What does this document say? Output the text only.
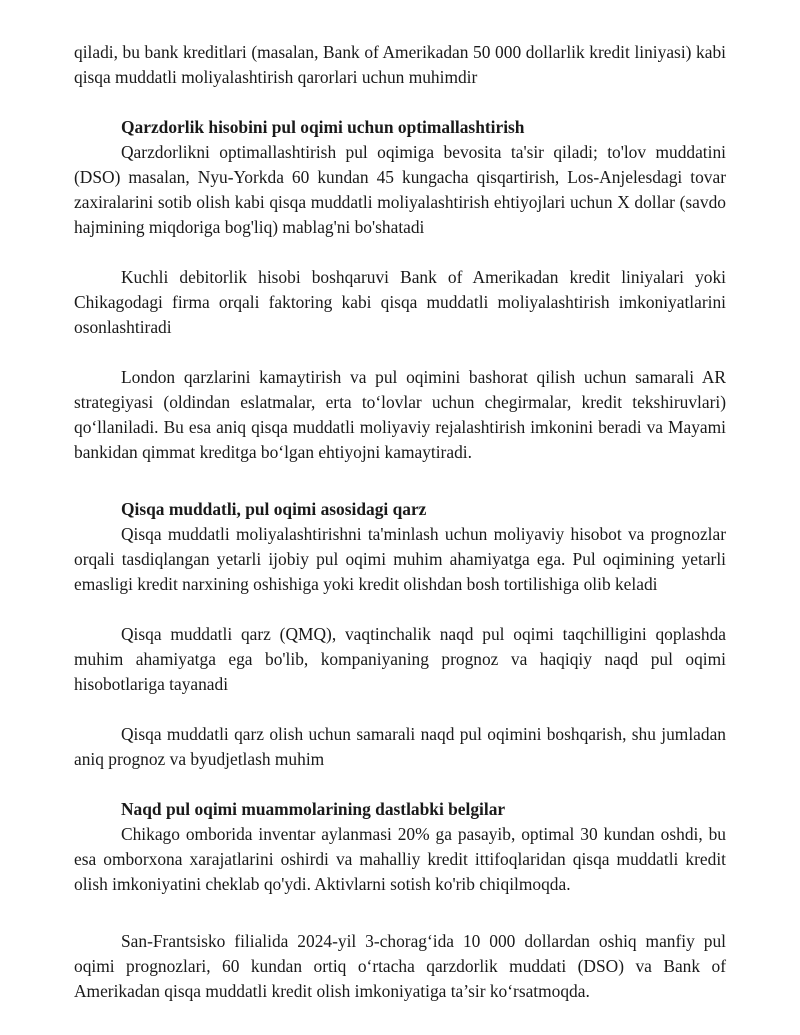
qiladi, bu bank kreditlari (masalan, Bank of Amerikadan 50 000 dollarlik kredit liniyasi) kabi qisqa muddatli moliyalashtirish qarorlari uchun muhimdir

Qarzdorlik hisobini pul oqimi uchun optimallashtirish

Qarzdorlikni optimallashtirish pul oqimiga bevosita ta'sir qiladi; to'lov muddatini (DSO) masalan, Nyu-Yorkda 60 kundan 45 kungacha qisqartirish, Los-Anjelesdagi tovar zaxiralarini sotib olish kabi qisqa muddatli moliyalashtirish ehtiyojlari uchun X dollar (savdo hajmining miqdoriga bog'liq) mablag'ni bo'shatadi

Kuchli debitorlik hisobi boshqaruvi Bank of Amerikadan kredit liniyalari yoki Chikagodagi firma orqali faktoring kabi qisqa muddatli moliyalashtirish imkoniyatlarini osonlashtiradi

London qarzlarini kamaytirish va pul oqimini bashorat qilish uchun samarali AR strategiyasi (oldindan eslatmalar, erta to‘lovlar uchun chegirmalar, kredit tekshiruvlari) qo‘llaniladi. Bu esa aniq qisqa muddatli moliyaviy rejalashtirish imkonini beradi va Mayami bankidan qimmat kreditga bo‘lgan ehtiyojni kamaytiradi.

Qisqa muddatli, pul oqimi asosidagi qarz

Qisqa muddatli moliyalashtirishni ta'minlash uchun moliyaviy hisobot va prognozlar orqali tasdiqlangan yetarli ijobiy pul oqimi muhim ahamiyatga ega. Pul oqimining yetarli emasligi kredit narxining oshishiga yoki kredit olishdan bosh tortilishiga olib keladi

Qisqa muddatli qarz (QMQ), vaqtinchalik naqd pul oqimi taqchilligini qoplashda muhim ahamiyatga ega bo'lib, kompaniyaning prognoz va haqiqiy naqd pul oqimi hisobotlariga tayanadi

Qisqa muddatli qarz olish uchun samarali naqd pul oqimini boshqarish, shu jumladan aniq prognoz va byudjetlash muhim

Naqd pul oqimi muammolarining dastlabki belgilar

Chikago omborida inventar aylanmasi 20% ga pasayib, optimal 30 kundan oshdi, bu esa omborxona xarajatlarini oshirdi va mahalliy kredit ittifoqlaridan qisqa muddatli kredit olish imkoniyatini cheklab qo'ydi. Aktivlarni sotish ko'rib chiqilmoqda.

San-Frantsisko filialida 2024-yil 3-chorag‘ida 10 000 dollardan oshiq manfiy pul oqimi prognozlari, 60 kundan ortiq o‘rtacha qarzdorlik muddati (DSO) va Bank of Amerikadan qisqa muddatli kredit olish imkoniyatiga ta’sir ko‘rsatmoqda.
